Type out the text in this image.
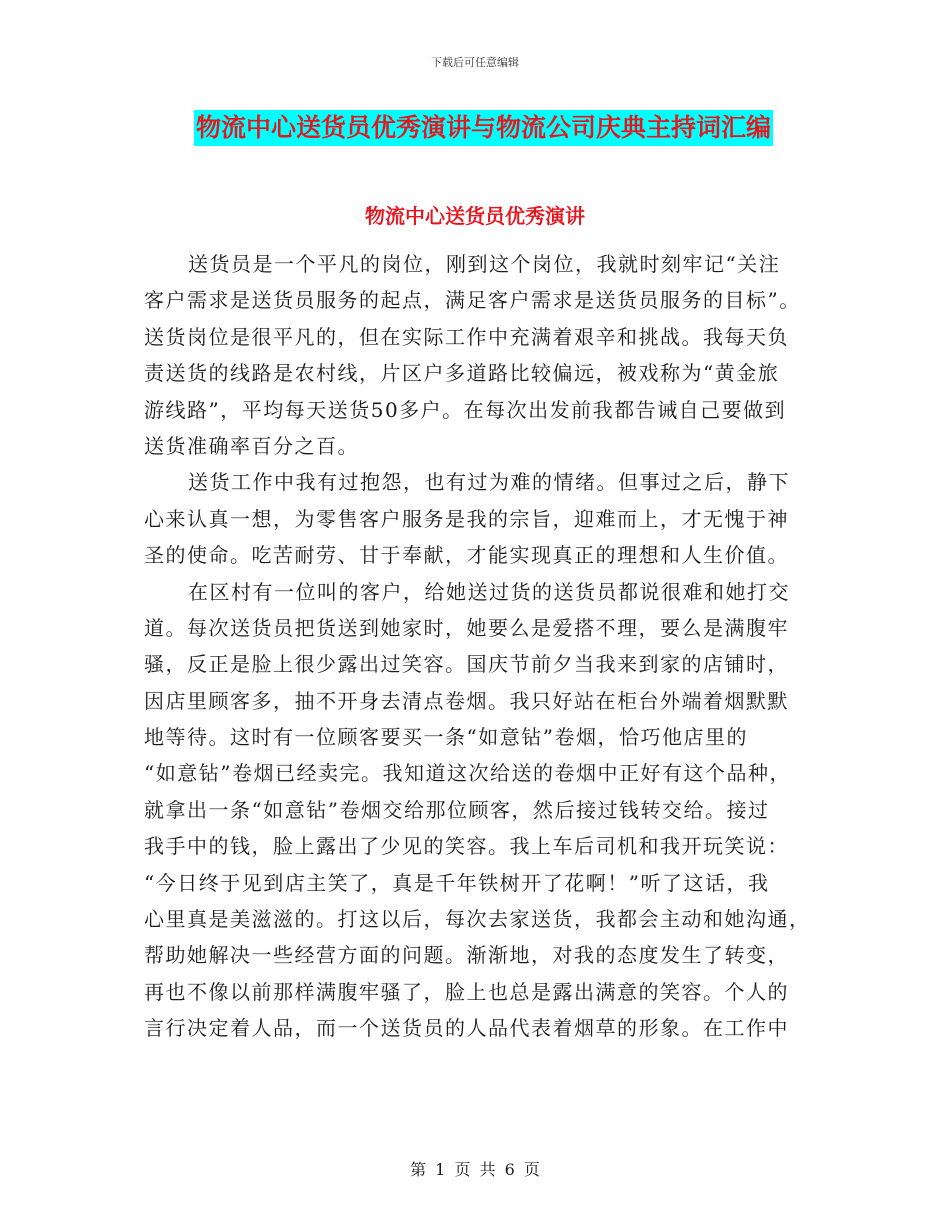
下载后可任意编辑
物流中心送货员优秀演讲与物流公司庆典主持词汇编
物流中心送货员优秀演讲
送货员是一个平凡的岗位，刚到这个岗位，我就时刻牢记“关注
客户需求是送货员服务的起点，满足客户需求是送货员服务的目标”。
送货岗位是很平凡的，但在实际工作中充满着艰辛和挑战。我每天负
责送货的线路是农村线，片区户多道路比较偏远，被戏称为“黄金旅
游线路”，平均每天送货50多户。在每次出发前我都告诫自己要做到
送货准确率百分之百。
送货工作中我有过抱怨，也有过为难的情绪。但事过之后，静下
心来认真一想，为零售客户服务是我的宗旨，迎难而上，才无愧于神
圣的使命。吃苦耐劳、甘于奉献，才能实现真正的理想和人生价值。
在区村有一位叫的客户，给她送过货的送货员都说很难和她打交
道。每次送货员把货送到她家时，她要么是爱搭不理，要么是满腹牢
骚，反正是脸上很少露出过笑容。国庆节前夕当我来到家的店铺时，
因店里顾客多，抽不开身去清点卷烟。我只好站在柜台外端着烟默默
地等待。这时有一位顾客要买一条“如意钻”卷烟，恰巧他店里的
“如意钻”卷烟已经卖完。我知道这次给送的卷烟中正好有这个品种，
就拿出一条“如意钻”卷烟交给那位顾客，然后接过钱转交给。接过
我手中的钱，脸上露出了少见的笑容。我上车后司机和我开玩笑说：
“今日终于见到店主笑了，真是千年铁树开了花啊！”听了这话，我
心里真是美滋滋的。打这以后，每次去家送货，我都会主动和她沟通，
帮助她解决一些经营方面的问题。渐渐地，对我的态度发生了转变，
再也不像以前那样满腹牢骚了，脸上也总是露出满意的笑容。个人的
言行决定着人品，而一个送货员的人品代表着烟草的形象。在工作中
第 1 页 共 6 页
